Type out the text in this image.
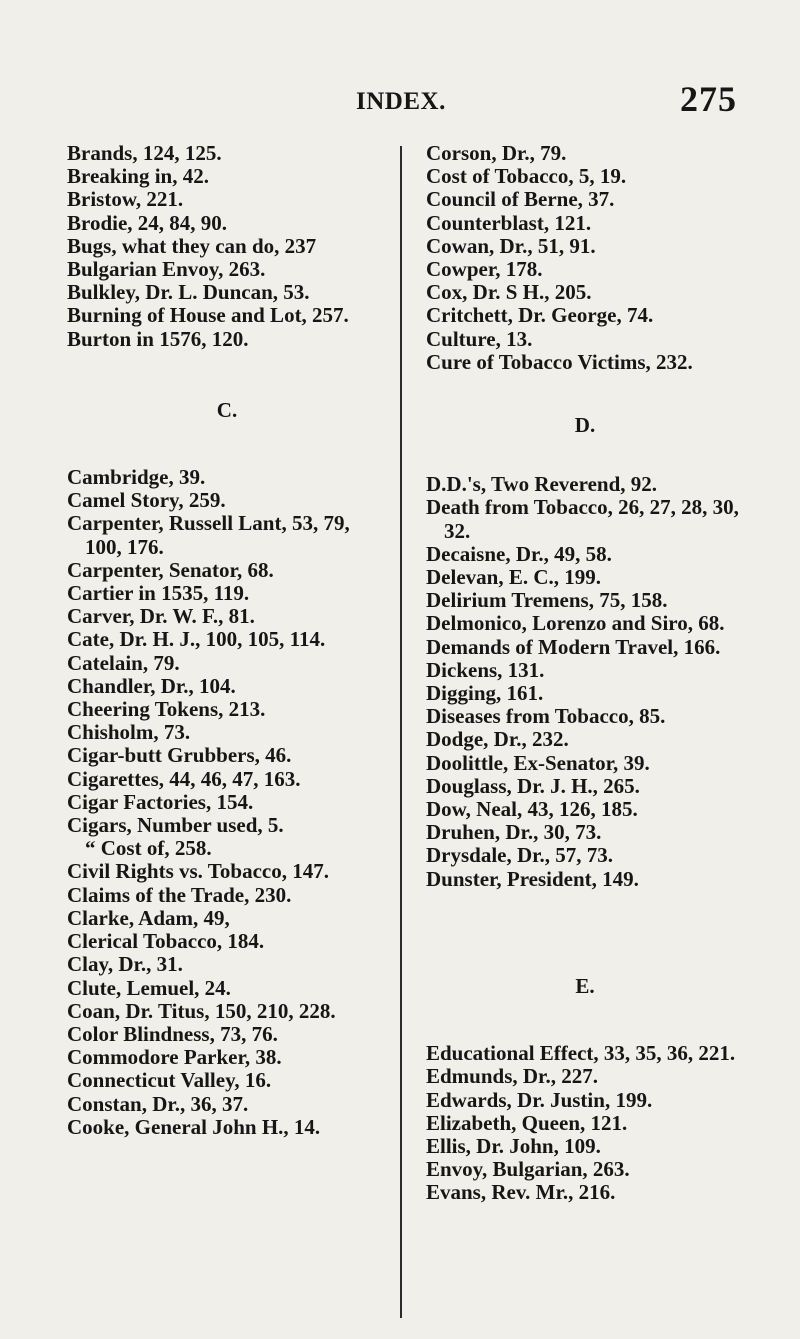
INDEX.	275

Brands, 124, 125.

Breaking in, 42.

Bristow, 221.

Brodie, 24, 84, 90.

Bugs, what they can do, 237

Bulgarian Envoy, 263.

Bulkley, Dr. L. Duncan, 53.

Burning of House and Lot, 257.

Burton in 1576, 120.

C.

Cambridge, 39.

Camel Story, 259.

Carpenter, Russell Lant, 53, 79, 100, 176.

Carpenter, Senator, 68.

Cartier in 1535, 119.

Carver, Dr. W. F., 81.

Cate, Dr. H. J., 100, 105, 114.

Catelain, 79.

Chandler, Dr., 104.

Cheering Tokens, 213.

Chisholm, 73.

Cigar-butt Grubbers, 46.

Cigarettes, 44, 46, 47, 163.

Cigar Factories, 154.

Cigars, Number used, 5.

“ Cost of, 258.

Civil Rights vs. Tobacco, 147.

Claims of the Trade, 230.

Clarke, Adam, 49,

Clerical Tobacco, 184.

Clay, Dr., 31.

Clute, Lemuel, 24.

Coan, Dr. Titus, 150, 210, 228.

Color Blindness, 73, 76.

Commodore Parker, 38.

Connecticut Valley, 16.

Constan, Dr., 36, 37.

Cooke, General John H., 14.

Corson, Dr., 79.

Cost of Tobacco, 5, 19.

Council of Berne, 37.

Counterblast, 121.

Cowan, Dr., 51, 91.

Cowper, 178.

Cox, Dr. S H., 205.

Critchett, Dr. George, 74.

Culture, 13.

Cure of Tobacco Victims, 232.

D.

D.D.'s, Two Reverend, 92.

Death from Tobacco, 26, 27, 28, 30, 32.

Decaisne, Dr., 49, 58.

Delevan, E. C., 199.

Delirium Tremens, 75, 158.

Delmonico, Lorenzo and Siro, 68.

Demands of Modern Travel, 166.

Dickens, 131.

Digging, 161.

Diseases from Tobacco, 85.

Dodge, Dr., 232.

Doolittle, Ex-Senator, 39.

Douglass, Dr. J. H., 265.

Dow, Neal, 43, 126, 185.

Druhen, Dr., 30, 73.

Drysdale, Dr., 57, 73.

Dunster, President, 149.

E.

Educational Effect, 33, 35, 36, 221.

Edmunds, Dr., 227.

Edwards, Dr. Justin, 199.

Elizabeth, Queen, 121.

Ellis, Dr. John, 109.

Envoy, Bulgarian, 263.

Evans, Rev. Mr., 216.
